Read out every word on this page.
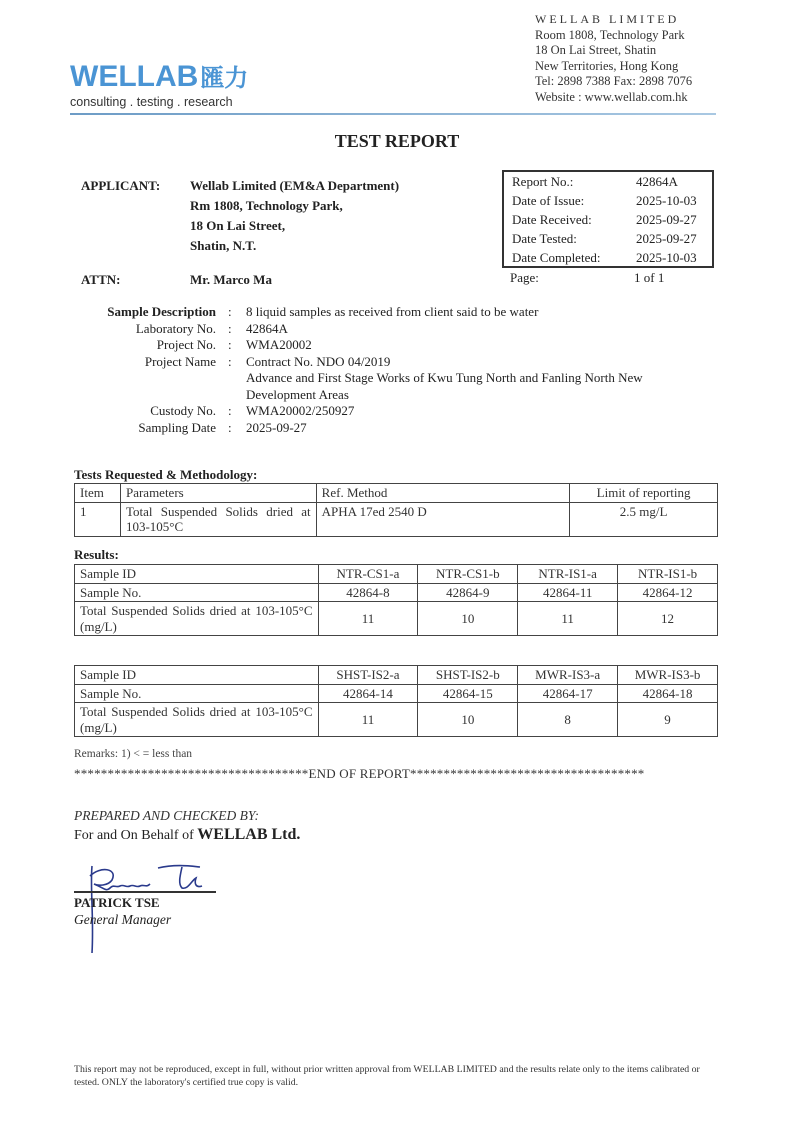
WELLAB匯力
consulting . testing . research
WELLAB LIMITED
Room 1808, Technology Park
18 On Lai Street, Shatin
New Territories, Hong Kong
Tel: 2898 7388 Fax: 2898 7076
Website : www.wellab.com.hk
TEST REPORT
APPLICANT:	Wellab Limited (EM&A Department)
Rm 1808, Technology Park,
18 On Lai Street,
Shatin, N.T.
ATTN:	Mr. Marco Ma
Report No.:	42864A
Date of Issue:	2025-10-03
Date Received:	2025-09-27
Date Tested:	2025-09-27
Date Completed:	2025-10-03
Page:	1 of 1
Sample Description : 8 liquid samples as received from client said to be water
Laboratory No. : 42864A
Project No. : WMA20002
Project Name : Contract No. NDO 04/2019
Advance and First Stage Works of Kwu Tung North and Fanling North New
Development Areas
Custody No. : WMA20002/250927
Sampling Date : 2025-09-27
Tests Requested & Methodology:
Item	Parameters	Ref. Method	Limit of reporting
1	Total Suspended Solids dried at 103-105°C	APHA 17ed 2540 D	2.5 mg/L
Results:
Sample ID	NTR-CS1-a	NTR-CS1-b	NTR-IS1-a	NTR-IS1-b
Sample No.	42864-8	42864-9	42864-11	42864-12
Total Suspended Solids dried at 103-105°C (mg/L)	11	10	11	12
Sample ID	SHST-IS2-a	SHST-IS2-b	MWR-IS3-a	MWR-IS3-b
Sample No.	42864-14	42864-15	42864-17	42864-18
Total Suspended Solids dried at 103-105°C (mg/L)	11	10	8	9
Remarks: 1) < = less than
***********************************END OF REPORT***********************************
PREPARED AND CHECKED BY:
For and On Behalf of WELLAB Ltd.
PATRICK TSE
General Manager
This report may not be reproduced, except in full, without prior written approval from WELLAB LIMITED and the results relate only to the items calibrated or tested. ONLY the laboratory's certified true copy is valid.
